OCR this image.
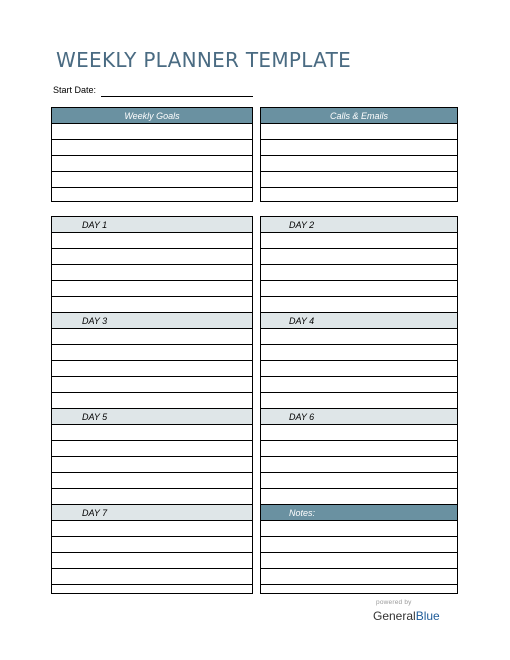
WEEKLY PLANNER TEMPLATE
Start Date:
Weekly Goals	Calls & Emails
DAY 1
DAY 3
DAY 5
DAY 7
DAY 2
DAY 4
DAY 6
Notes:
powered by
GeneralBlue
